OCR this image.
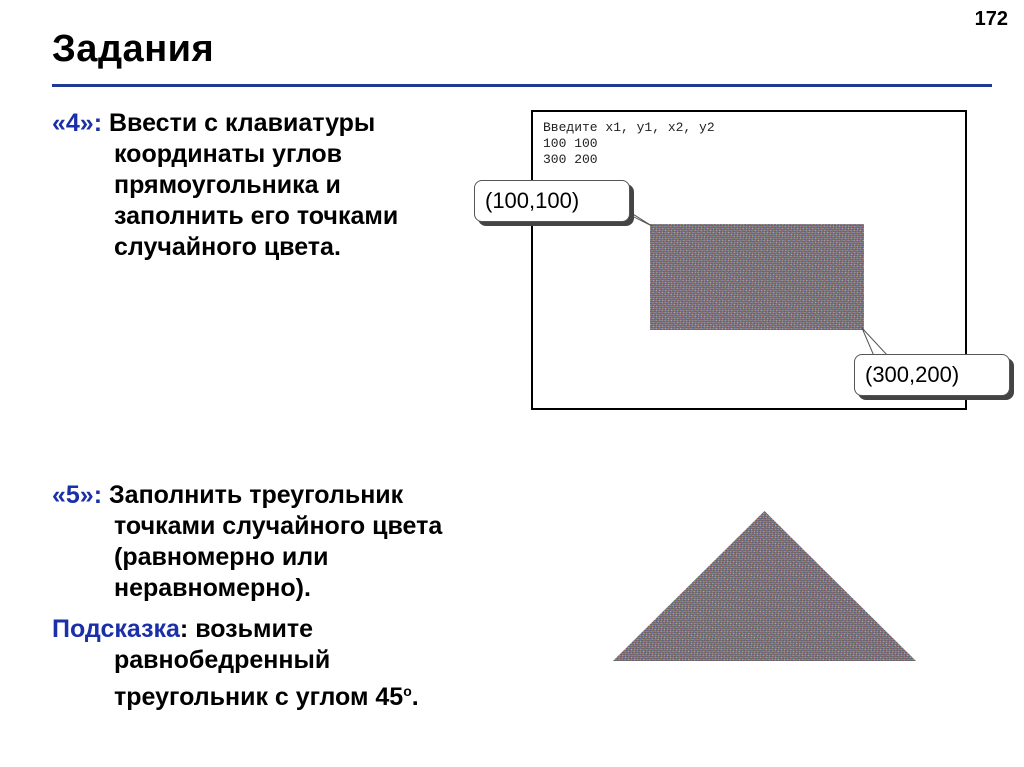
172
Задания
«4»: Ввести с клавиатуры
координаты углов
прямоугольника и
заполнить его точками
случайного цвета.
Введите x1, y1, x2, y2
100 100
300 200
(100,100)
(300,200)
«5»: Заполнить треугольник
точками случайного цвета
(равномерно или
неравномерно).
Подсказка: возьмите
равнобедренный
треугольник с углом 45$^o$.
